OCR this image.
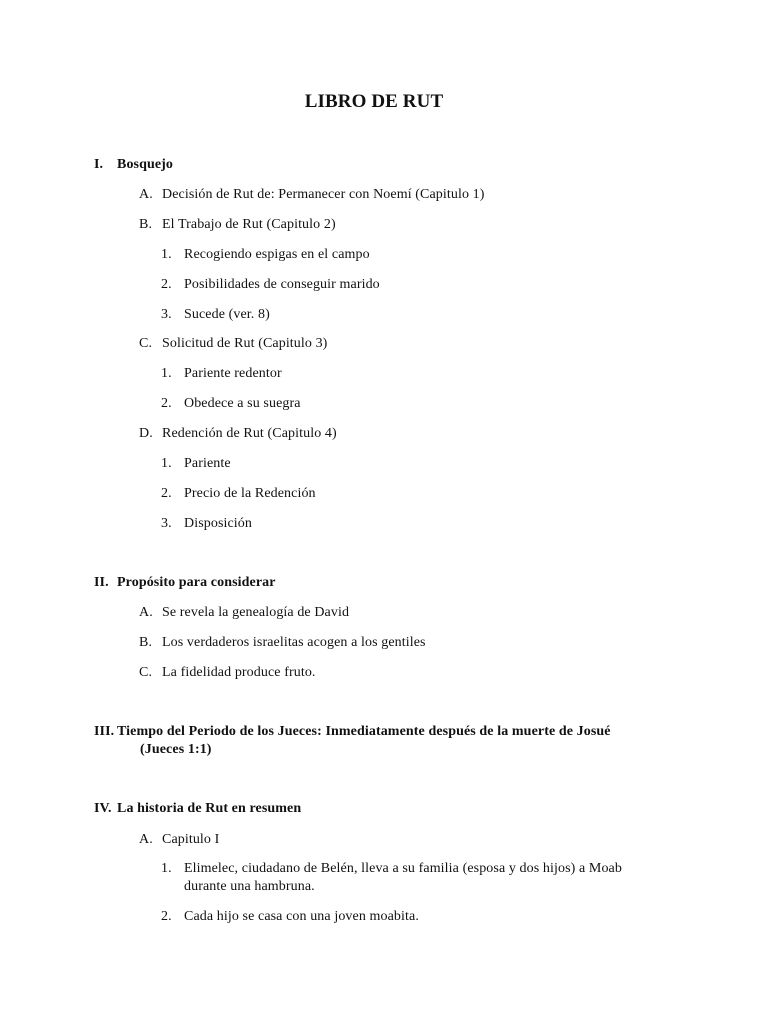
LIBRO DE RUT
I. Bosquejo
A. Decisión de Rut de: Permanecer con Noemí (Capitulo 1)
B. El Trabajo de Rut (Capitulo 2)
1. Recogiendo espigas en el campo
2. Posibilidades de conseguir marido
3. Sucede (ver. 8)
C. Solicitud de Rut (Capitulo 3)
1. Pariente redentor
2. Obedece a su suegra
D. Redención de Rut (Capitulo 4)
1. Pariente
2. Precio de la Redención
3. Disposición
II. Propósito para considerar
A. Se revela la genealogía de David
B. Los verdaderos israelitas acogen a los gentiles
C. La fidelidad produce fruto.
III. Tiempo del Periodo de los Jueces: Inmediatamente después de la muerte de Josué
(Jueces 1:1)
IV. La historia de Rut en resumen
A. Capitulo I
1. Elimelec, ciudadano de Belén, lleva a su familia (esposa y dos hijos) a Moab
durante una hambruna.
2. Cada hijo se casa con una joven moabita.
